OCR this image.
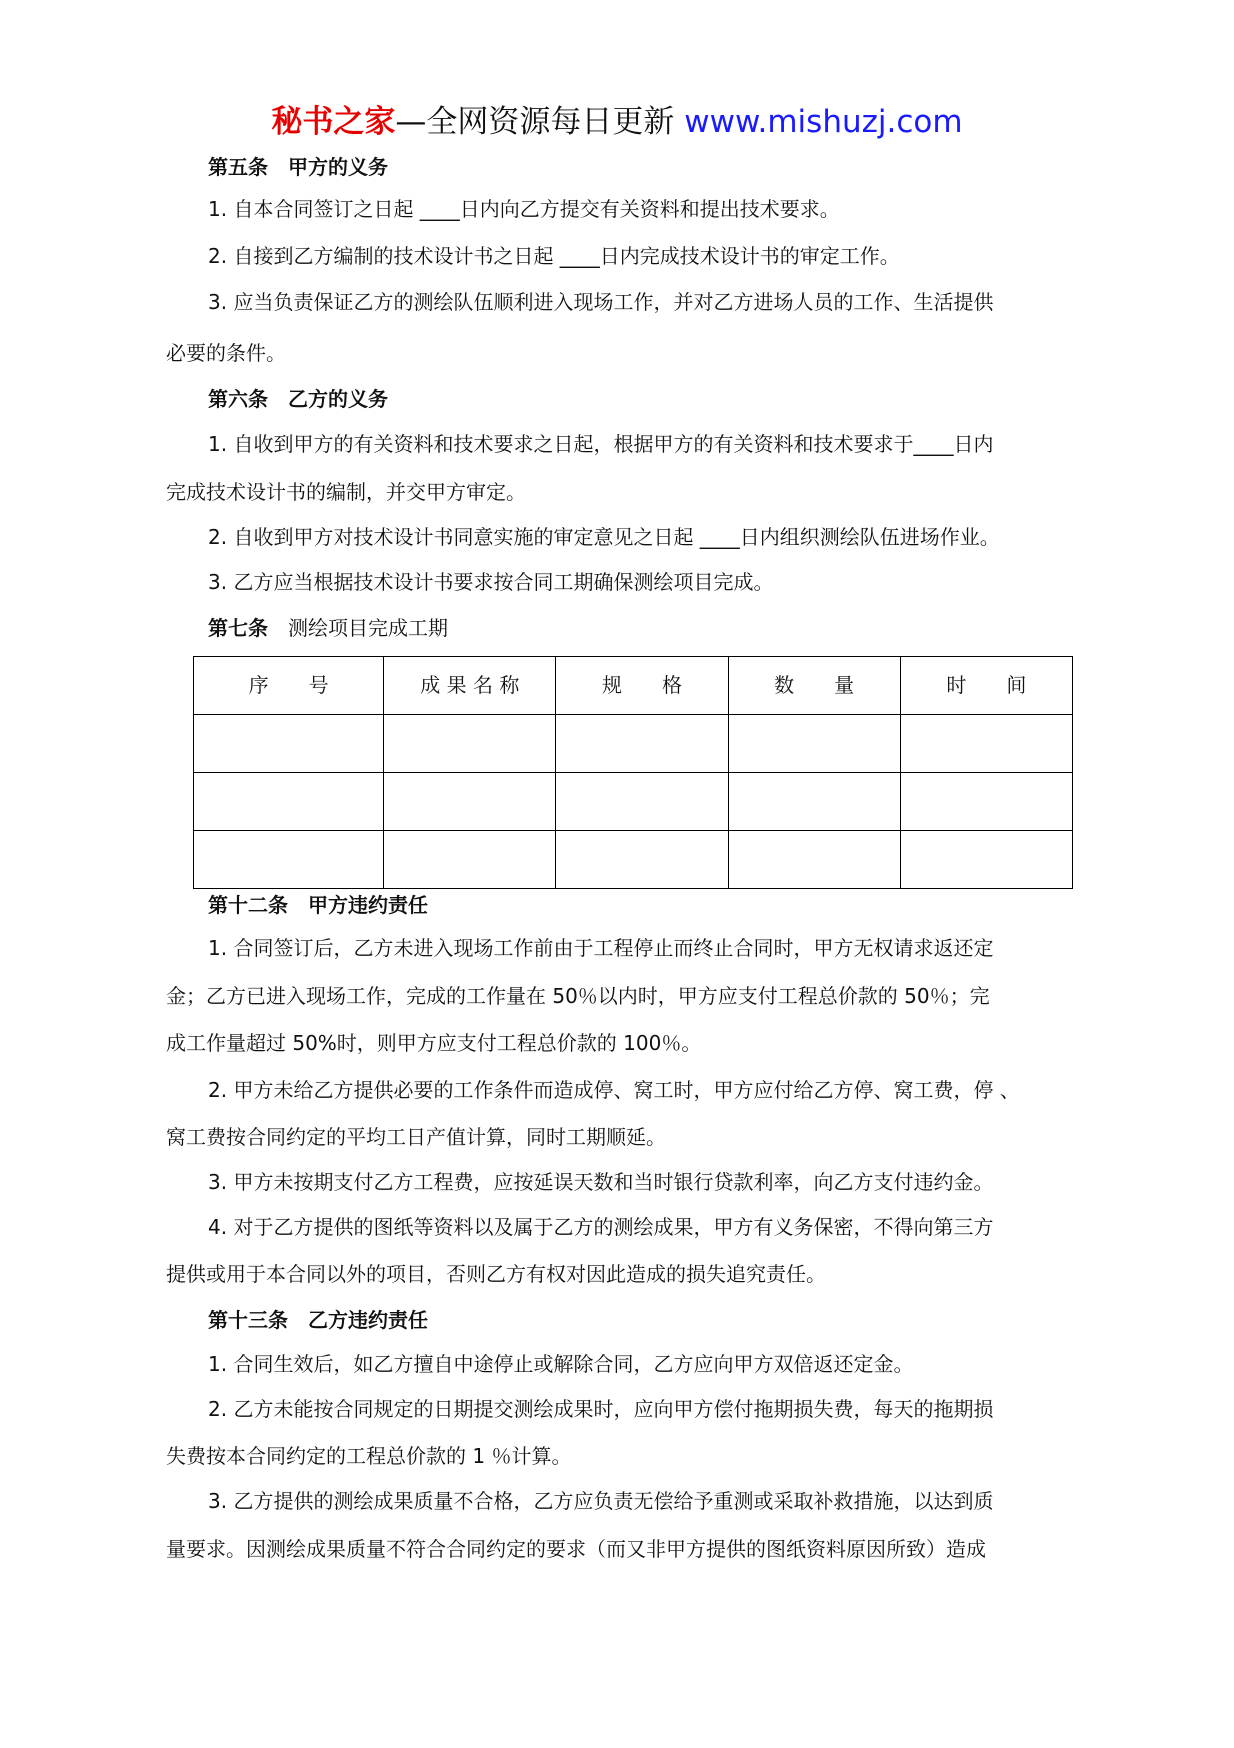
秘书之家—全网资源每日更新 www.mishuzj.com
第五条　甲方的义务
1. 自本合同签订之日起 ____日内向乙方提交有关资料和提出技术要求。
2. 自接到乙方编制的技术设计书之日起 ____日内完成技术设计书的审定工作。
3. 应当负责保证乙方的测绘队伍顺利进入现场工作，并对乙方进场人员的工作、生活提供
必要的条件。
第六条　乙方的义务
1. 自收到甲方的有关资料和技术要求之日起，根据甲方的有关资料和技术要求于____日内
完成技术设计书的编制，并交甲方审定。
2. 自收到甲方对技术设计书同意实施的审定意见之日起 ____日内组织测绘队伍进场作业。
3. 乙方应当根据技术设计书要求按合同工期确保测绘项目完成。
第七条　测绘项目完成工期
序　　号	成 果 名 称	规　　格	数　　量	时　　间

第十二条　甲方违约责任
1. 合同签订后，乙方未进入现场工作前由于工程停止而终止合同时，甲方无权请求返还定
金；乙方已进入现场工作，完成的工作量在 50％以内时，甲方应支付工程总价款的 50％；完
成工作量超过 50%时，则甲方应支付工程总价款的 100％。
2. 甲方未给乙方提供必要的工作条件而造成停、窝工时，甲方应付给乙方停、窝工费，停 、
窝工费按合同约定的平均工日产值计算，同时工期顺延。
3. 甲方未按期支付乙方工程费，应按延误天数和当时银行贷款利率，向乙方支付违约金。
4. 对于乙方提供的图纸等资料以及属于乙方的测绘成果，甲方有义务保密，不得向第三方
提供或用于本合同以外的项目，否则乙方有权对因此造成的损失追究责任。
第十三条　乙方违约责任
1. 合同生效后，如乙方擅自中途停止或解除合同，乙方应向甲方双倍返还定金。
2. 乙方未能按合同规定的日期提交测绘成果时，应向甲方偿付拖期损失费，每天的拖期损
失费按本合同约定的工程总价款的 1 ％计算。
3. 乙方提供的测绘成果质量不合格，乙方应负责无偿给予重测或采取补救措施，以达到质
量要求。因测绘成果质量不符合合同约定的要求（而又非甲方提供的图纸资料原因所致）造成
